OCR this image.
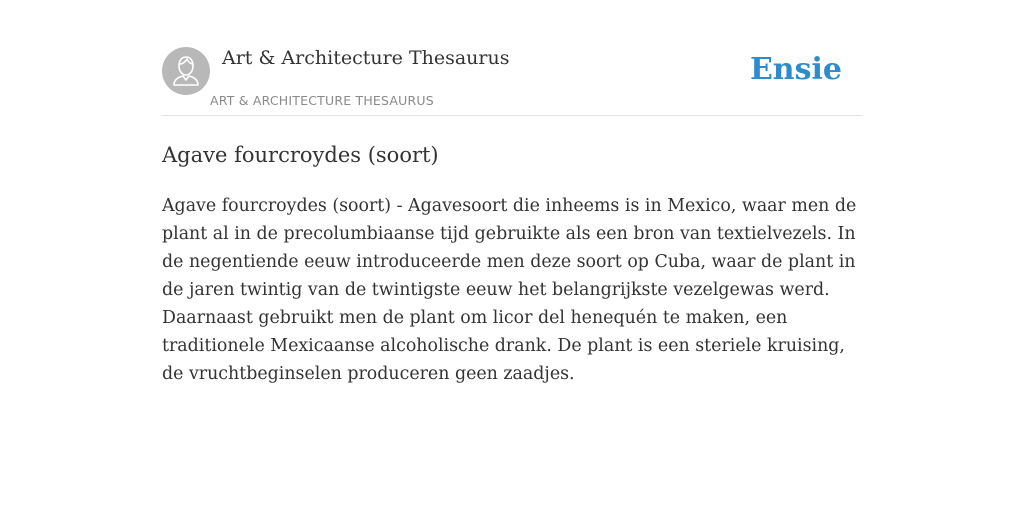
Art & Architecture Thesaurus
ART & ARCHITECTURE THESAURUS
Ensie
Agave fourcroydes (soort)

Agave fourcroydes (soort) - Agavesoort die inheems is in Mexico, waar men de plant al in de precolumbiaanse tijd gebruikte als een bron van textielvezels. In de negentiende eeuw introduceerde men deze soort op Cuba, waar de plant in de jaren twintig van de twintigste eeuw het belangrijkste vezelgewas werd. Daarnaast gebruikt men de plant om licor del henequén te maken, een traditionele Mexicaanse alcoholische drank. De plant is een steriele kruising, de vruchtbeginselen produceren geen zaadjes.
